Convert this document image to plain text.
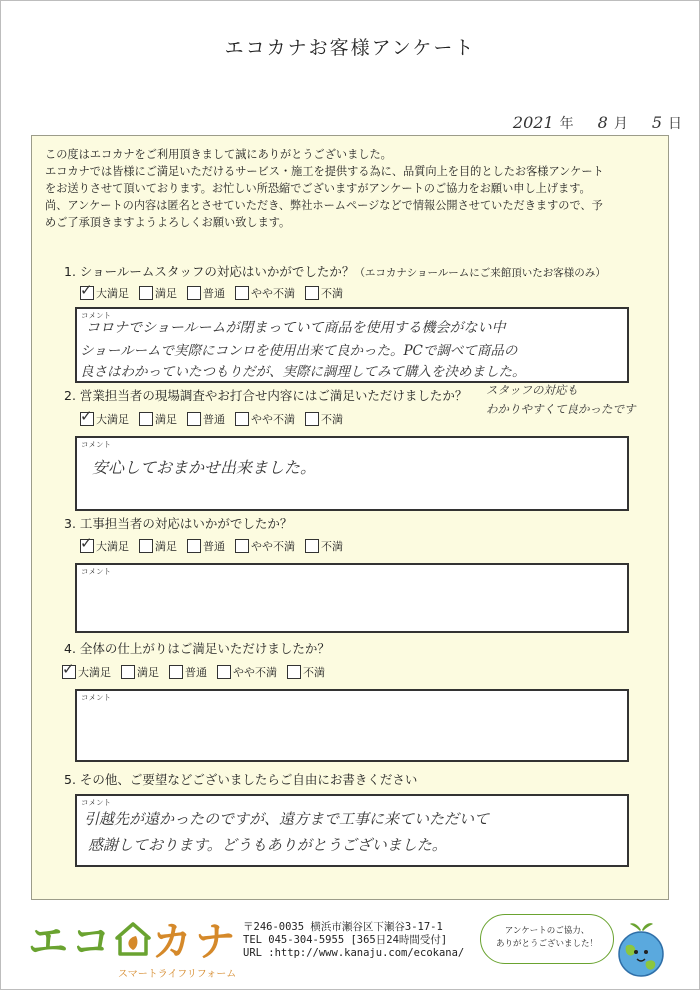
エコカナお客様アンケート
2021 年 8 月 5 日
この度はエコカナをご利用頂きまして誠にありがとうございました。
エコカナでは皆様にご満足いただけるサービス・施工を提供する為に、品質向上を目的としたお客様アンケート
をお送りさせて頂いております。お忙しい所恐縮でございますがアンケートのご協力をお願い申し上げます。
尚、アンケートの内容は匿名とさせていただき、弊社ホームページなどで情報公開させていただきますので、予
めご了承頂きますようよろしくお願い致します。
1. ショールームスタッフの対応はいかがでしたか？（エコカナショールームにご来館頂いたお客様のみ）
✓
大満足 満足 普通 やや不満 不満
コメント
コロナでショールームが閉まっていて商品を使用する機会がない中
ショールームで実際にコンロを使用出来て良かった。PCで調べて商品の
良さはわかっていたつもりだが、実際に調理してみて購入を決めました。
2. 営業担当者の現場調査やお打合せ内容にはご満足いただけましたか？ スタッフの対応も
わかりやすくて良かったです
✓
大満足 満足 普通 やや不満 不満
コメント
安心しておまかせ出来ました。
3. 工事担当者の対応はいかがでしたか？
✓
大満足 満足 普通 やや不満 不満
コメント
4. 全体の仕上がりはご満足いただけましたか？
✓
大満足 満足 普通 やや不満 不満
コメント
5. その他、ご要望などございましたらご自由にお書きください
コメント
引越先が遠かったのですが、遠方まで工事に来ていただいて
感謝しております。どうもありがとうございました。
エコ カナ
スマートライフリフォーム
〒246-0035 横浜市瀬谷区下瀬谷3-17-1
TEL 045-304-5955 [365日24時間受付]
URL :http://www.kanaju.com/ecokana/
アンケートのご協力、
ありがとうございました！
